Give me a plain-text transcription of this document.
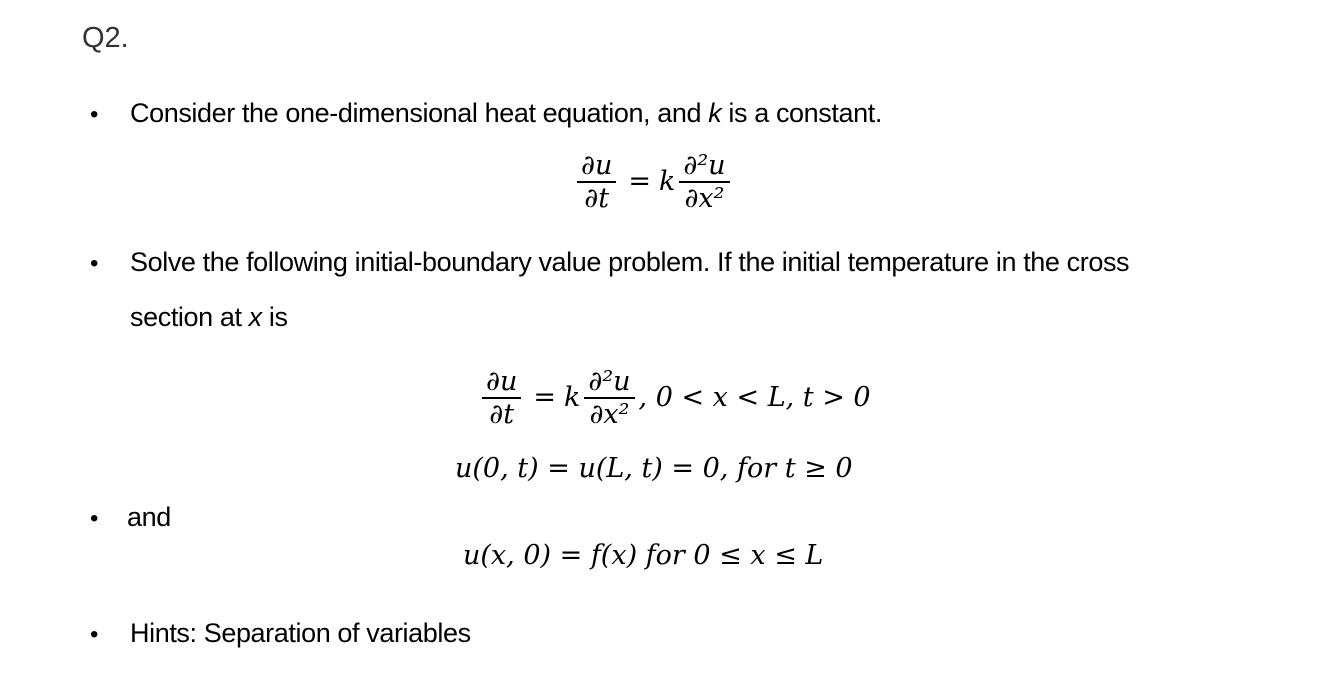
Q2.
• Consider the one-dimensional heat equation, and k is a constant.
$\frac{\partial u}{\partial t} = k \frac{\text{∂²u}}{\text{∂x²}}$
• Solve the following initial-boundary value problem. If the initial temperature in the cross
section at x is
$\frac{\partial u}{\partial t} = k \frac{\text{∂²u}}{\text{∂x²}}$ , 0 < x < L, t > 0
u(0, t) = u(L, t) = 0, for t ≥ 0
• and
u(x, 0) = f(x) for 0 ≤ x ≤ L
• Hints: Separation of variables
